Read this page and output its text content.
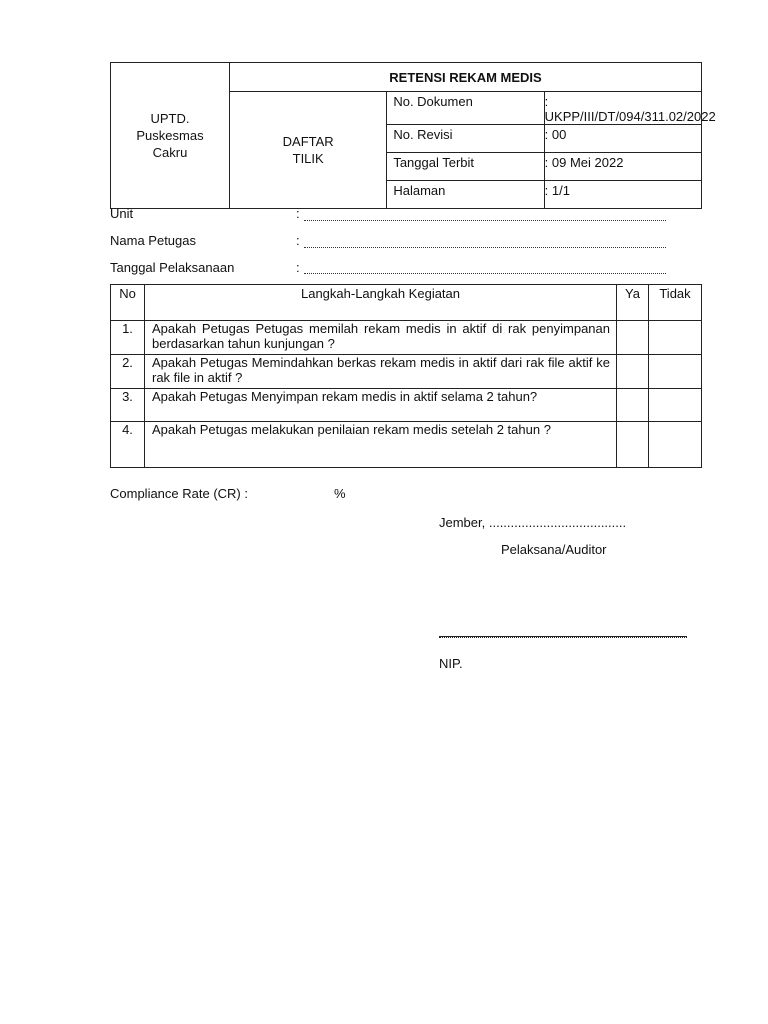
UPTD.
Puskesmas
Cakru	RETENSI REKAM MEDIS		

	DAFTAR
TILIK	No. Dokumen	: UKPP/III/DT/094/311.02/2022
		No. Revisi	: 00
		Tanggal Terbit	: 09 Mei 2022
		Halaman	: 1/1
Unit	:
Nama Petugas	:
Tanggal Pelaksanaan	:
No	Langkah-Langkah Kegiatan	Ya	Tidak
1.	Apakah Petugas Petugas memilah rekam medis in aktif di rak penyimpanan berdasarkan tahun kunjungan ?		
2.	Apakah Petugas Memindahkan berkas rekam medis in aktif dari rak file aktif ke rak file in aktif ?		
3.	Apakah Petugas Menyimpan rekam medis in aktif selama 2 tahun?		
4.	Apakah Petugas melakukan penilaian rekam medis setelah 2 tahun ?		
Compliance Rate (CR) :	%
Jember, ......................................
Pelaksana/Auditor
NIP.
